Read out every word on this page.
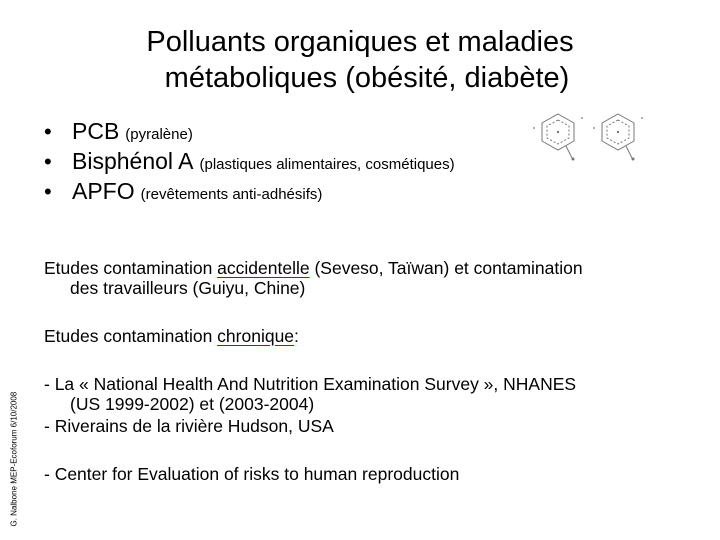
Polluants organiques et maladies
métaboliques (obésité, diabète)
• PCB (pyralène)
• Bisphénol A (plastiques alimentaires, cosmétiques)
• APFO (revêtements anti-adhésifs)
Etudes contamination accidentelle (Seveso, Taïwan) et contamination
des travailleurs (Guiyu, Chine)
Etudes contamination chronique:
- La « National Health And Nutrition Examination Survey », NHANES
(US 1999-2002) et (2003-2004)
- Riverains de la rivière Hudson, USA
- Center for Evaluation of risks to human reproduction
G. Nalbone MEP-Ecoforum 6/10/2008
